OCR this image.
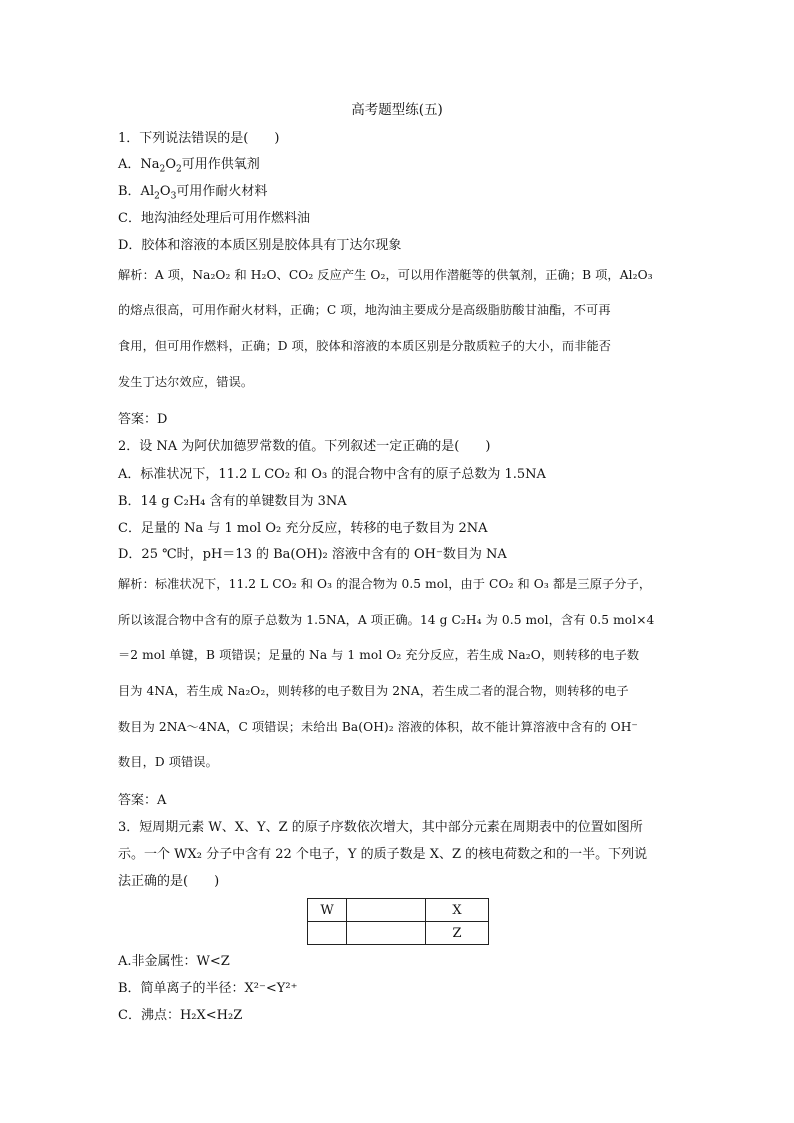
高考题型练(五)
1．下列说法错误的是(　　)
A．$Na_2O_2$可用作供氧剂
B．$Al_2O_3$可用作耐火材料
C．地沟油经处理后可用作燃料油
D．胶体和溶液的本质区别是胶体具有丁达尔现象
解析：A 项，Na₂O₂ 和 H₂O、CO₂ 反应产生 O₂，可以用作潜艇等的供氧剂，正确；B 项，Al₂O₃
的熔点很高，可用作耐火材料，正确；C 项，地沟油主要成分是高级脂肪酸甘油酯，不可再
食用，但可用作燃料，正确；D 项，胶体和溶液的本质区别是分散质粒子的大小，而非能否
发生丁达尔效应，错误。
答案：D
2．设 NA 为阿伏加德罗常数的值。下列叙述一定正确的是(　　)
A．标准状况下，11.2 L CO₂ 和 O₃ 的混合物中含有的原子总数为 1.5NA
B．14 g C₂H₄ 含有的单键数目为 3NA
C．足量的 Na 与 1 mol O₂ 充分反应，转移的电子数目为 2NA
D．25 ℃时，pH＝13 的 Ba(OH)₂ 溶液中含有的 OH⁻数目为 NA
解析：标准状况下，11.2 L CO₂ 和 O₃ 的混合物为 0.5 mol，由于 CO₂ 和 O₃ 都是三原子分子，
所以该混合物中含有的原子总数为 1.5NA，A 项正确。14 g C₂H₄ 为 0.5 mol，含有 0.5 mol×4
＝2 mol 单键，B 项错误；足量的 Na 与 1 mol O₂ 充分反应，若生成 Na₂O，则转移的电子数
目为 4NA，若生成 Na₂O₂，则转移的电子数目为 2NA，若生成二者的混合物，则转移的电子
数目为 2NA～4NA，C 项错误；未给出 Ba(OH)₂ 溶液的体积，故不能计算溶液中含有的 OH⁻
数目，D 项错误。
答案：A
3．短周期元素 W、X、Y、Z 的原子序数依次增大，其中部分元素在周期表中的位置如图所
示。一个 WX₂ 分子中含有 22 个电子，Y 的质子数是 X、Z 的核电荷数之和的一半。下列说
法正确的是(　　)
W		X
		Z
A.非金属性：W<Z
B．简单离子的半径：X²⁻<Y²⁺
C．沸点：H₂X<H₂Z
